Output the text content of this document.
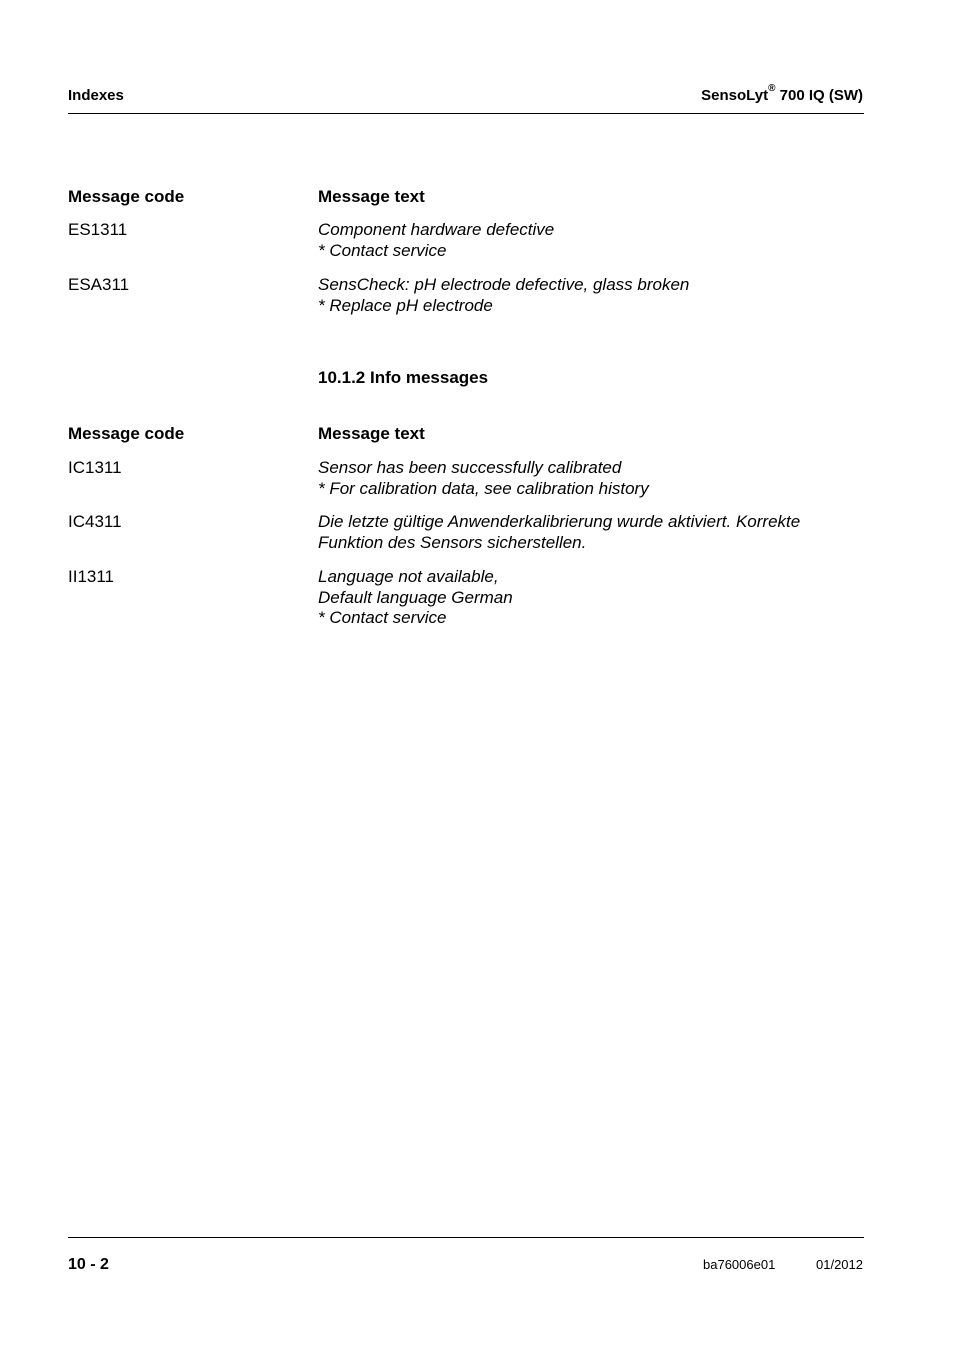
Indexes	SensoLyt® 700 IQ (SW)
Message code	Message text
ES1311	Component hardware defective
* Contact service
ESA311	SensCheck: pH electrode defective, glass broken
* Replace pH electrode
10.1.2 Info messages
Message code	Message text
IC1311	Sensor has been successfully calibrated
* For calibration data, see calibration history
IC4311	Die letzte gültige Anwenderkalibrierung wurde aktiviert. Korrekte
Funktion des Sensors sicherstellen.
II1311	Language not available,
Default language German
* Contact service
10 - 2	ba76006e01	01/2012
